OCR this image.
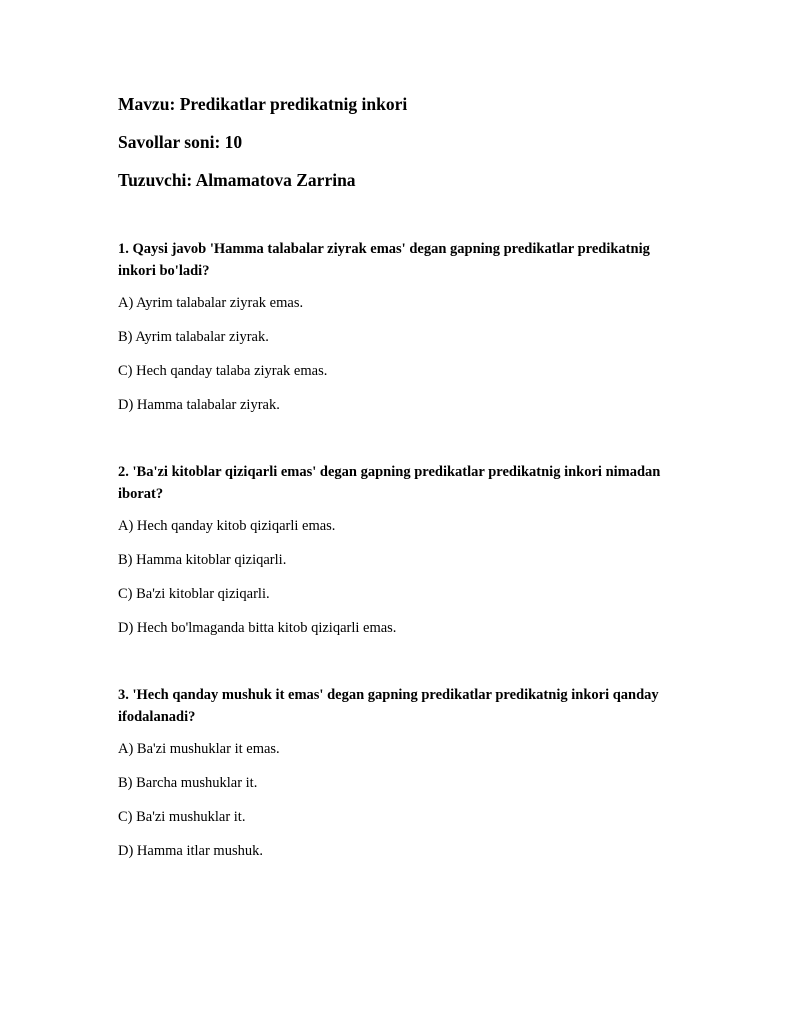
Mavzu: Predikatlar predikatnig inkori
Savollar soni: 10
Tuzuvchi: Almamatova Zarrina

1. Qaysi javob 'Hamma talabalar ziyrak emas' degan gapning predikatlar predikatnig inkori bo'ladi?

A) Ayrim talabalar ziyrak emas.
B) Ayrim talabalar ziyrak.
C) Hech qanday talaba ziyrak emas.
D) Hamma talabalar ziyrak.

2. 'Ba'zi kitoblar qiziqarli emas' degan gapning predikatlar predikatnig inkori nimadan iborat?

A) Hech qanday kitob qiziqarli emas.
B) Hamma kitoblar qiziqarli.
C) Ba'zi kitoblar qiziqarli.
D) Hech bo'lmaganda bitta kitob qiziqarli emas.

3. 'Hech qanday mushuk it emas' degan gapning predikatlar predikatnig inkori qanday ifodalanadi?

A) Ba'zi mushuklar it emas.
B) Barcha mushuklar it.
C) Ba'zi mushuklar it.
D) Hamma itlar mushuk.
